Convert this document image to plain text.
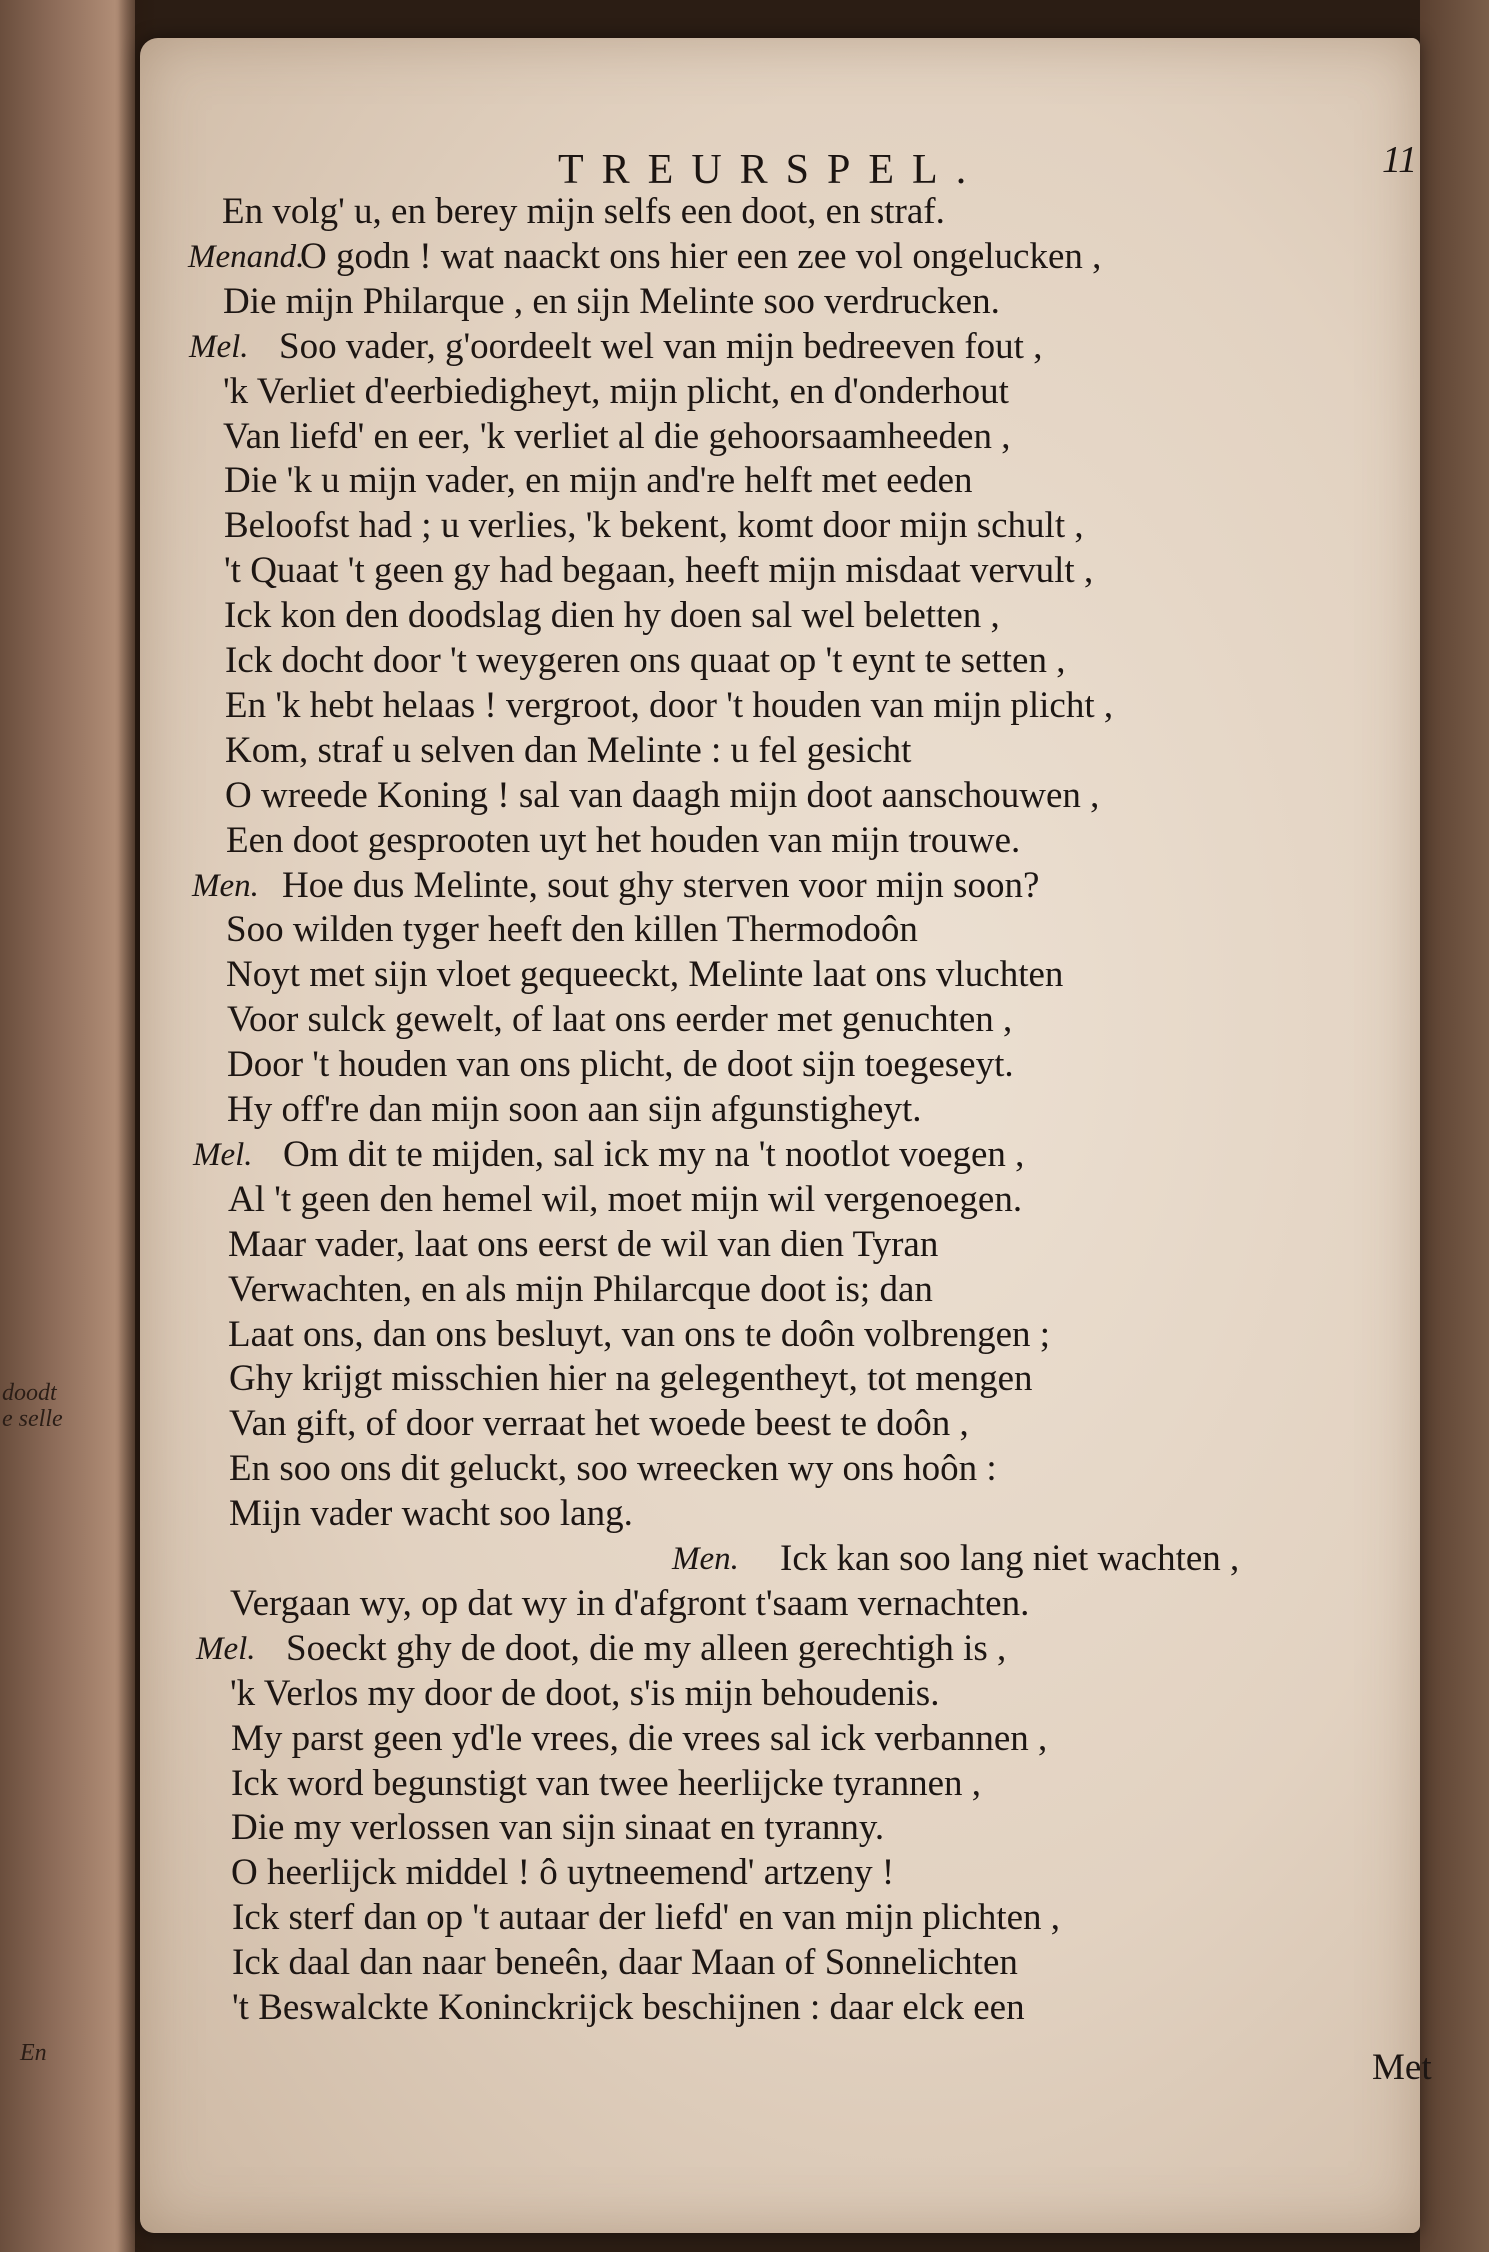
doodt
e selle
En
TREURSPEL.	11
En volg' u, en berey mijn selfs een doot, en straf.
Menand.
O godn ! wat naackt ons hier een zee vol ongelucken ,
Die mijn Philarque , en sijn Melinte soo verdrucken.
Mel. Soo vader, g'oordeelt wel van mijn bedreeven fout ,
'k Verliet d'eerbiedigheyt, mijn plicht, en d'onderhout
Van liefd' en eer, 'k verliet al die gehoorsaamheeden ,
Die 'k u mijn vader, en mijn and're helft met eeden
Beloofst had ; u verlies, 'k bekent, komt door mijn schult ,
't Quaat 't geen gy had begaan, heeft mijn misdaat vervult ,
Ick kon den doodslag dien hy doen sal wel beletten ,
Ick docht door 't weygeren ons quaat op 't eynt te setten ,
En 'k hebt helaas ! vergroot, door 't houden van mijn plicht ,
Kom, straf u selven dan Melinte : u fel gesicht
O wreede Koning ! sal van daagh mijn doot aanschouwen ,
Een doot gesprooten uyt het houden van mijn trouwe.
Men. Hoe dus Melinte, sout ghy sterven voor mijn soon?
Soo wilden tyger heeft den killen Thermodoôn
Noyt met sijn vloet gequeeckt, Melinte laat ons vluchten
Voor sulck gewelt, of laat ons eerder met genuchten ,
Door 't houden van ons plicht, de doot sijn toegeseyt.
Hy off're dan mijn soon aan sijn afgunstigheyt.
Mel. Om dit te mijden, sal ick my na 't nootlot voegen ,
Al 't geen den hemel wil, moet mijn wil vergenoegen.
Maar vader, laat ons eerst de wil van dien Tyran
Verwachten, en als mijn Philarcque doot is; dan
Laat ons, dan ons besluyt, van ons te doôn volbrengen ;
Ghy krijgt misschien hier na gelegentheyt, tot mengen
Van gift, of door verraat het woede beest te doôn ,
En soo ons dit geluckt, soo wreecken wy ons hoôn :
Mijn vader wacht soo lang.
Men. Ick kan soo lang niet wachten ,
Vergaan wy, op dat wy in d'afgront t'saam vernachten.
Mel. Soeckt ghy de doot, die my alleen gerechtigh is ,
'k Verlos my door de doot, s'is mijn behoudenis.
My parst geen yd'le vrees, die vrees sal ick verbannen ,
Ick word begunstigt van twee heerlijcke tyrannen ,
Die my verlossen van sijn sinaat en tyranny.
O heerlijck middel ! ô uytneemend' artzeny !
Ick sterf dan op 't autaar der liefd' en van mijn plichten ,
Ick daal dan naar beneên, daar Maan of Sonnelichten
't Beswalckte Koninckrijck beschijnen : daar elck een
Met
